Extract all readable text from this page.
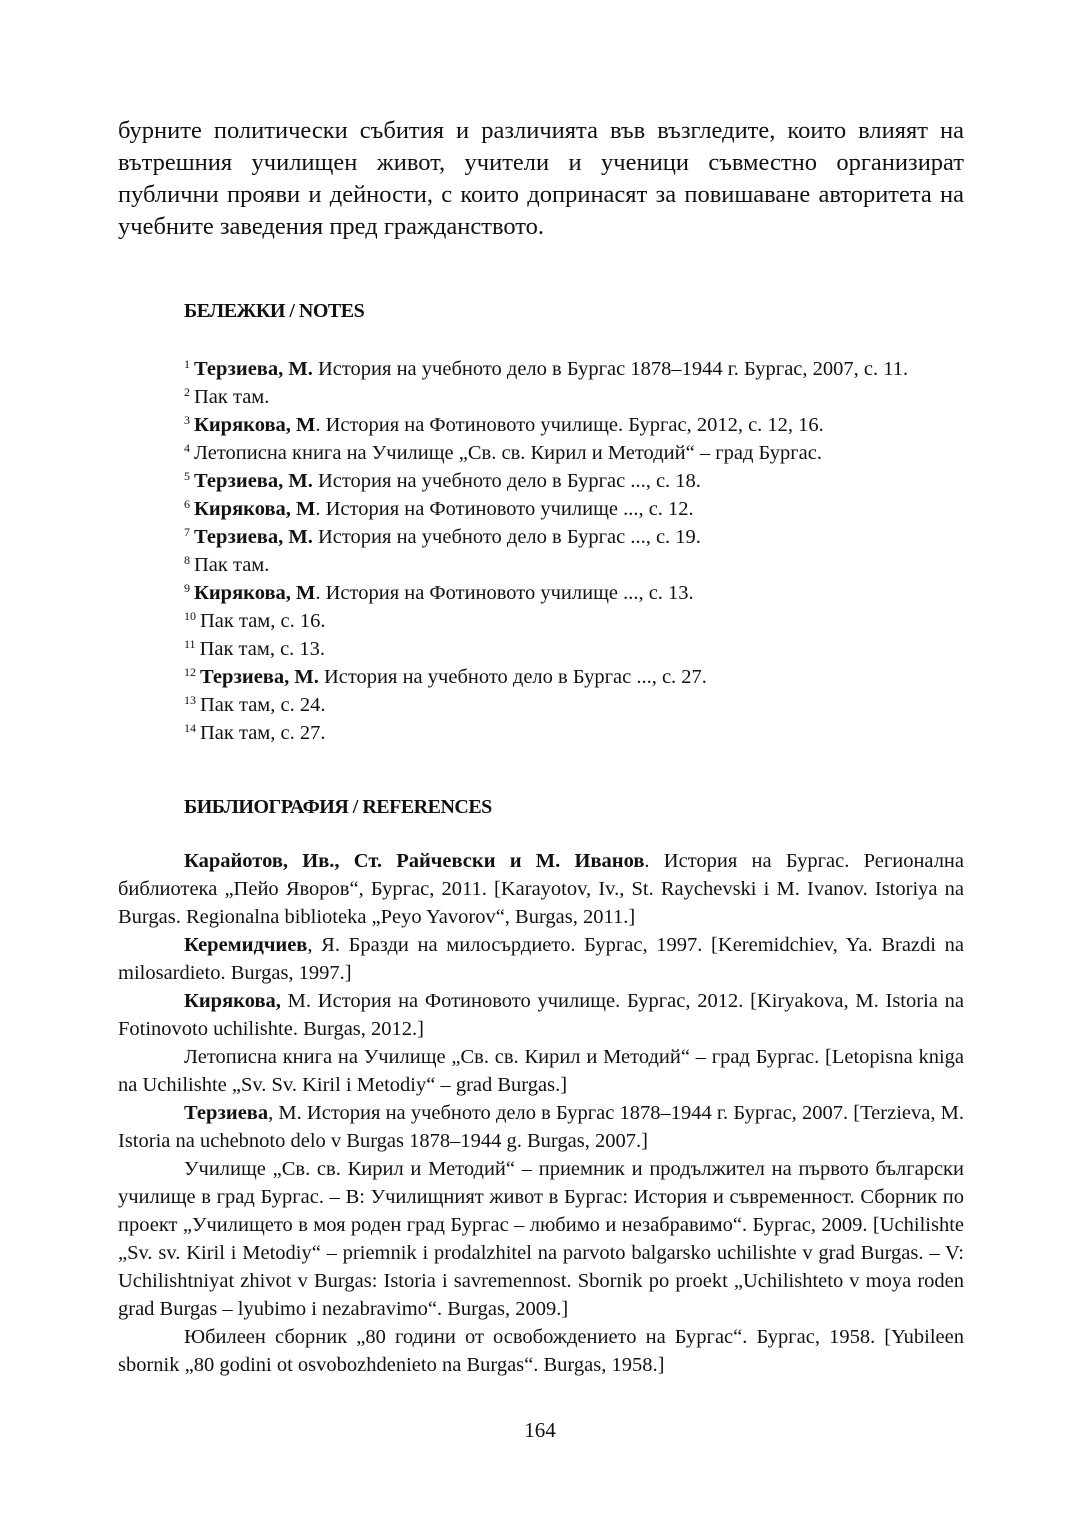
бурните политически събития и различията във възгледите, които влияят на вътрешния училищен живот, учители и ученици съвместно организират публични прояви и дейности, с които допринасят за повишаване авторитета на учебните заведения пред гражданството.

БЕЛЕЖКИ / NOTES
$^1$ Терзиева, М. История на учебното дело в Бургас 1878–1944 г. Бургас, 2007, с. 11.
$^2$ Пак там.
$^3$ Кирякова, М. История на Фотиновото училище. Бургас, 2012, с. 12, 16.
$^4$ Летописна книга на Училище „Св. св. Кирил и Методий“ – град Бургас.
$^5$ Терзиева, М. История на учебното дело в Бургас ..., с. 18.
$^6$ Кирякова, М. История на Фотиновото училище ..., с. 12.
$^7$ Терзиева, М. История на учебното дело в Бургас ..., с. 19.
$^8$ Пак там.
$^9$ Кирякова, М. История на Фотиновото училище ..., с. 13.
$^{10}$ Пак там, с. 16.
$^{11}$ Пак там, с. 13.
$^{12}$ Терзиева, М. История на учебното дело в Бургас ..., с. 27.
$^{13}$ Пак там, с. 24.
$^{14}$ Пак там, с. 27.
БИБЛИОГРАФИЯ / REFERENCES

Карайотов, Ив., Ст. Райчевски и М. Иванов. История на Бургас. Регионална библиотека „Пейо Яворов“, Бургас, 2011. [Karayotov, Iv., St. Raychevski i M. Ivanov. Istoriya na Burgas. Regionalna biblioteka „Peyo Yavorov“, Burgas, 2011.]

Керемидчиев, Я. Бразди на милосърдието. Бургас, 1997. [Keremidchiev, Ya. Brazdi na milosardieto. Burgas, 1997.]

Кирякова, М. История на Фотиновото училище. Бургас, 2012. [Kiryakova, M. Istoria na Fotinovoto uchilishte. Burgas, 2012.]

Летописна книга на Училище „Св. св. Кирил и Методий“ – град Бургас. [Letopisna kniga na Uchilishte „Sv. Sv. Kiril i Metodiy“ – grad Burgas.]

Терзиева, М. История на учебното дело в Бургас 1878–1944 г. Бургас, 2007. [Terzieva, M. Istoria na uchebnoto delo v Burgas 1878–1944 g. Burgas, 2007.]

Училище „Св. св. Кирил и Методий“ – приемник и продължител на първото български училище в град Бургас. – В: Училищният живот в Бургас: История и съвременност. Сборник по проект „Училището в моя роден град Бургас – любимо и незабравимо“. Бургас, 2009. [Uchilishte „Sv. sv. Kiril i Metodiy“ – priemnik i prodalzhitel na parvoto balgarsko uchilishte v grad Burgas. – V: Uchilishtniyat zhivot v Burgas: Istoria i savremennost. Sbornik po proekt „Uchilishteto v moya roden grad Burgas – lyubimo i nezabravimo“. Burgas, 2009.]

Юбилеен сборник „80 години от освобождението на Бургас“. Бургас, 1958. [Yubileen sbornik „80 godini ot osvobozhdenieto na Burgas“. Burgas, 1958.]

164
